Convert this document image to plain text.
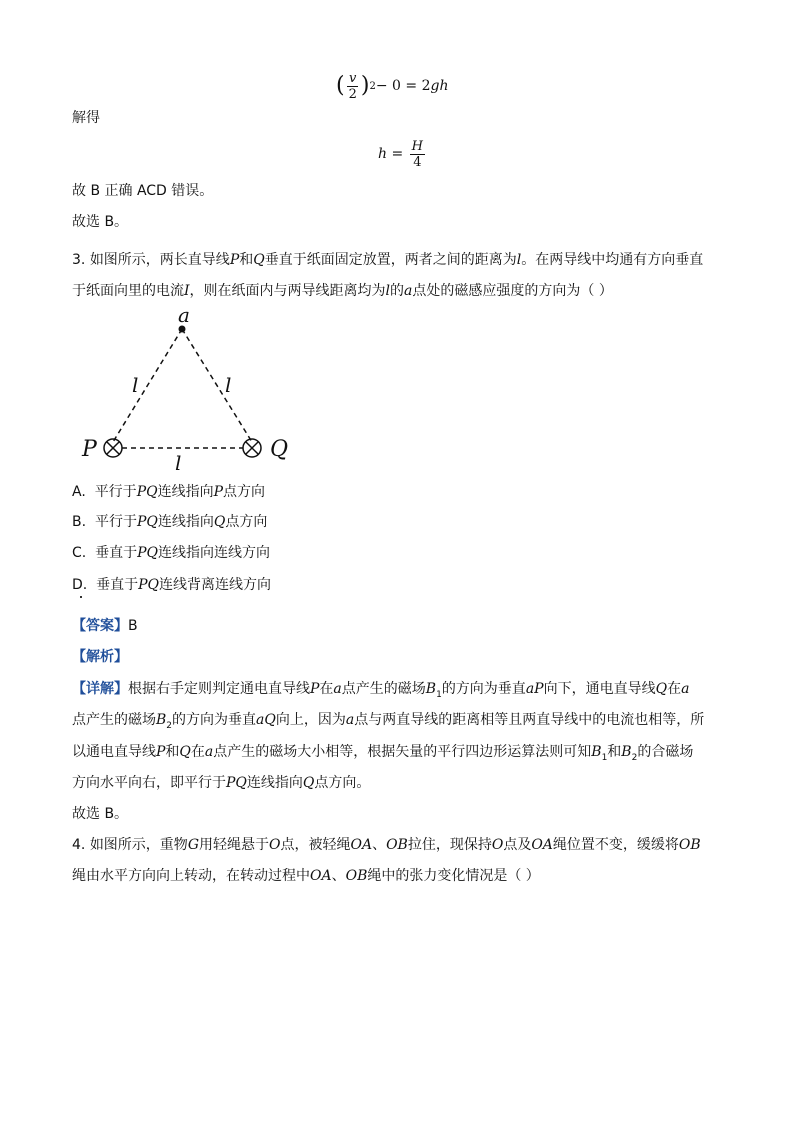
( $\frac{v}{2}$ ) 2 − 0 = 2 gh
解得
$h = \frac{H}{4}$
故 B 正确 ACD 错误。
故选 B。
3. 如图所示，两长直导线P和Q垂直于纸面固定放置，两者之间的距离为l。在两导线中均通有方向垂直
于纸面向里的电流I，则在纸面内与两导线距离均为l的a点处的磁感应强度的方向为（ ）
a
P	Q
l	l
l
A. 平行于PQ连线指向P点方向
B. 平行于PQ连线指向Q点方向
C. 垂直于PQ连线指向连线方向
D. 垂直于PQ连线背离连线方向
【答案】B
【解析】
【详解】根据右手定则判定通电直导线P在a点产生的磁场$B_1$的方向为垂直aP向下，通电直导线Q在a
点产生的磁场$B_2$的方向为垂直aQ向上，因为a点与两直导线的距离相等且两直导线中的电流也相等，所
以通电直导线P和Q在a点产生的磁场大小相等，根据矢量的平行四边形运算法则可知$B_1$和$B_2$的合磁场
方向水平向右，即平行于PQ连线指向Q点方向。
故选 B。
4. 如图所示，重物G用轻绳悬于O点，被轻绳OA、OB拉住，现保持O点及OA绳位置不变，缓缓将OB
绳由水平方向向上转动，在转动过程中OA、OB绳中的张力变化情况是（ ）
